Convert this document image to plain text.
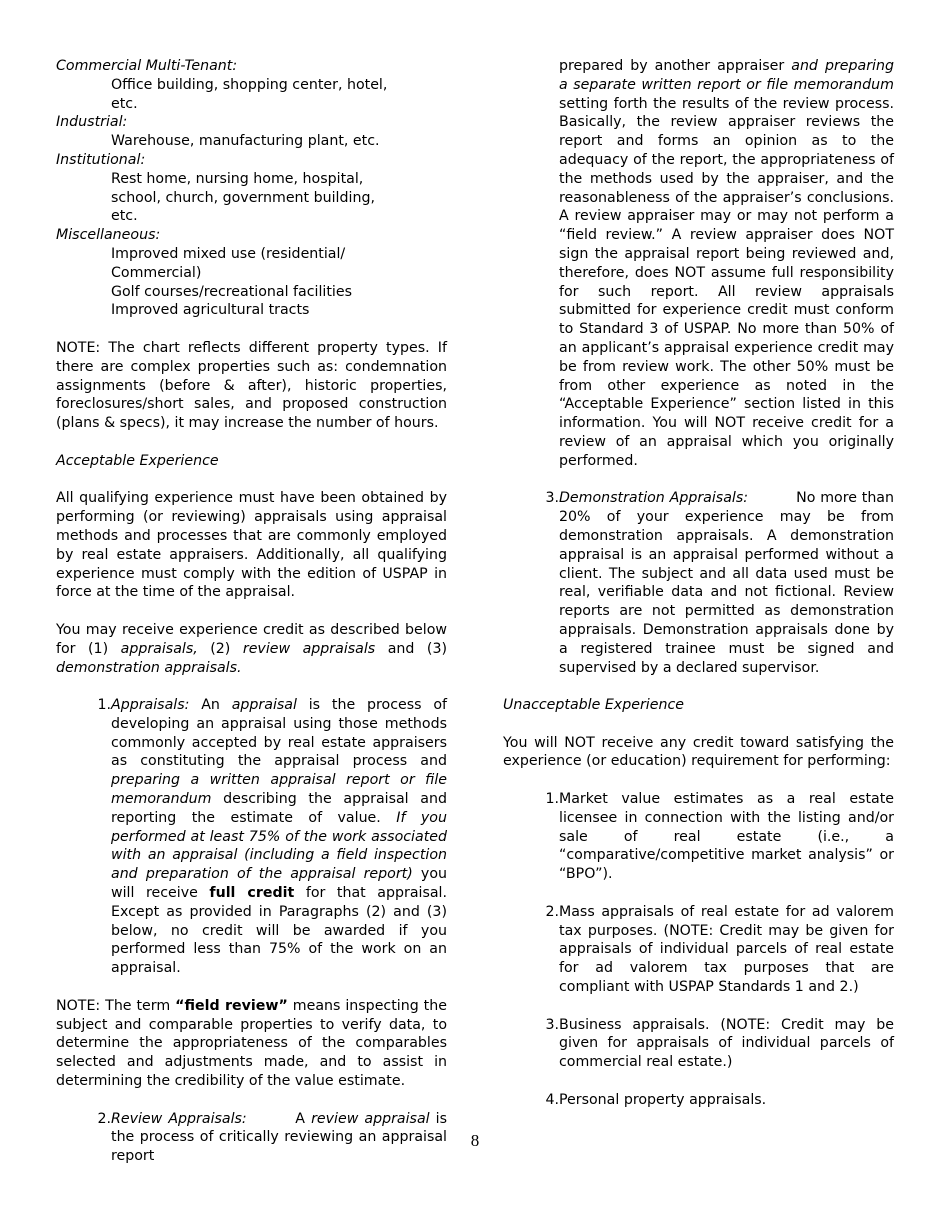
Commercial Multi-Tenant:

Office building, shopping center, hotel,

etc.

Industrial:

Warehouse, manufacturing plant, etc.

Institutional:

Rest home, nursing home, hospital,

school, church, government building,

etc.

Miscellaneous:

Improved mixed use (residential/

Commercial)

Golf courses/recreational facilities

Improved agricultural tracts

NOTE: The chart reflects different property types. If there are complex properties such as: condemnation assignments (before & after), historic properties, foreclosures/short sales, and proposed construction (plans & specs), it may increase the number of hours.

Acceptable Experience

All qualifying experience must have been obtained by performing (or reviewing) appraisals using appraisal methods and processes that are commonly employed by real estate appraisers. Additionally, all qualifying experience must comply with the edition of USPAP in force at the time of the appraisal.

You may receive experience credit as described below for (1) appraisals, (2) review appraisals and (3) demonstration appraisals.

1. Appraisals: An appraisal is the process of developing an appraisal using those methods commonly accepted by real estate appraisers as constituting the appraisal process and preparing a written appraisal report or file memorandum describing the appraisal and reporting the estimate of value. If you performed at least 75% of the work associated with an appraisal (including a field inspection and preparation of the appraisal report) you will receive full credit for that appraisal. Except as provided in Paragraphs (2) and (3) below, no credit will be awarded if you performed less than 75% of the work on an appraisal.

NOTE: The term “field review” means inspecting the subject and comparable properties to verify data, to determine the appropriateness of the comparables selected and adjustments made, and to assist in determining the credibility of the value estimate.

2. Review Appraisals:        A review appraisal is the process of critically reviewing an appraisal report

prepared by another appraiser and preparing a separate written report or file memorandum setting forth the results of the review process. Basically, the review appraiser reviews the report and forms an opinion as to the adequacy of the report, the appropriateness of the methods used by the appraiser, and the reasonableness of the appraiser’s conclusions. A review appraiser may or may not perform a “field review.” A review appraiser does NOT sign the appraisal report being reviewed and, therefore, does NOT assume full responsibility for such report. All review appraisals submitted for experience credit must conform to Standard 3 of USPAP. No more than 50% of an applicant’s appraisal experience credit may be from review work. The other 50% must be from other experience as noted in the “Acceptable Experience” section listed in this information. You will NOT receive credit for a review of an appraisal which you originally performed.

3. Demonstration Appraisals:          No more than 20% of your experience may be from demonstration appraisals. A demonstration appraisal is an appraisal performed without a client. The subject and all data used must be real, verifiable data and not fictional. Review reports are not permitted as demonstration appraisals. Demonstration appraisals done by a registered trainee must be signed and supervised by a declared supervisor.

Unacceptable Experience

You will NOT receive any credit toward satisfying the experience (or education) requirement for performing:

1. Market value estimates as a real estate licensee in connection with the listing and/or sale of real estate (i.e., a “comparative/competitive market analysis” or “BPO”).

2. Mass appraisals of real estate for ad valorem tax purposes. (NOTE: Credit may be given for appraisals of individual parcels of real estate for ad valorem tax purposes that are compliant with USPAP Standards 1 and 2.)

3. Business appraisals. (NOTE: Credit may be given for appraisals of individual parcels of commercial real estate.)

4. Personal property appraisals.

8
